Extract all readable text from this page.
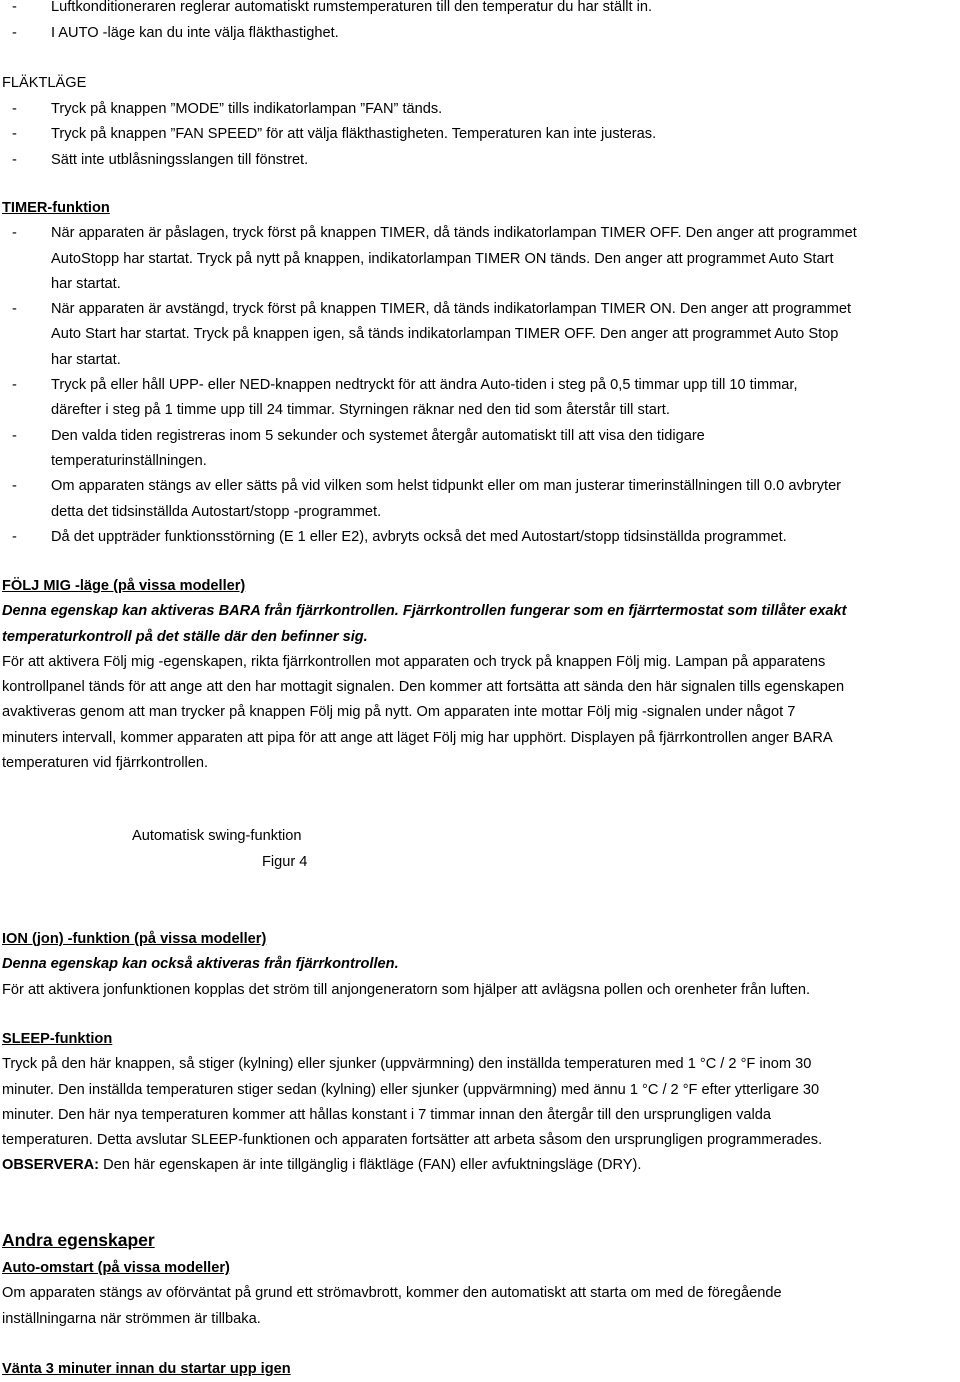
- Luftkonditioneraren reglerar automatiskt rumstemperaturen till den temperatur du har ställt in.
- I AUTO -läge kan du inte välja fläkthastighet.
FLÄKTLÄGE
- Tryck på knappen ”MODE” tills indikatorlampan ”FAN” tänds.
- Tryck på knappen ”FAN SPEED” för att välja fläkthastigheten. Temperaturen kan inte justeras.
- Sätt inte utblåsningsslangen till fönstret.
TIMER-funktion
- När apparaten är påslagen, tryck först på knappen TIMER, då tänds indikatorlampan TIMER OFF. Den anger att programmet
AutoStopp har startat. Tryck på nytt på knappen, indikatorlampan TIMER ON tänds. Den anger att programmet Auto Start
har startat.
- När apparaten är avstängd, tryck först på knappen TIMER, då tänds indikatorlampan TIMER ON. Den anger att programmet
Auto Start har startat. Tryck på knappen igen, så tänds indikatorlampan TIMER OFF. Den anger att programmet Auto Stop
har startat.
- Tryck på eller håll UPP- eller NED-knappen nedtryckt för att ändra Auto-tiden i steg på 0,5 timmar upp till 10 timmar,
därefter i steg på 1 timme upp till 24 timmar. Styrningen räknar ned den tid som återstår till start.
- Den valda tiden registreras inom 5 sekunder och systemet återgår automatiskt till att visa den tidigare
temperaturinställningen.
- Om apparaten stängs av eller sätts på vid vilken som helst tidpunkt eller om man justerar timerinställningen till 0.0 avbryter
detta det tidsinställda Autostart/stopp -programmet.
- Då det uppträder funktionsstörning (E 1 eller E2), avbryts också det med Autostart/stopp tidsinställda programmet.
FÖLJ MIG -läge (på vissa modeller)
Denna egenskap kan aktiveras BARA från fjärrkontrollen. Fjärrkontrollen fungerar som en fjärrtermostat som tillåter exakt
temperaturkontroll på det ställe där den befinner sig.
För att aktivera Följ mig -egenskapen, rikta fjärrkontrollen mot apparaten och tryck på knappen Följ mig. Lampan på apparatens
kontrollpanel tänds för att ange att den har mottagit signalen. Den kommer att fortsätta att sända den här signalen tills egenskapen
avaktiveras genom att man trycker på knappen Följ mig på nytt. Om apparaten inte mottar Följ mig -signalen under något 7
minuters intervall, kommer apparaten att pipa för att ange att läget Följ mig har upphört. Displayen på fjärrkontrollen anger BARA
temperaturen vid fjärrkontrollen.
Automatisk swing-funktion
Figur 4
ION (jon) -funktion (på vissa modeller)
Denna egenskap kan också aktiveras från fjärrkontrollen.
För att aktivera jonfunktionen kopplas det ström till anjongeneratorn som hjälper att avlägsna pollen och orenheter från luften.
SLEEP-funktion
Tryck på den här knappen, så stiger (kylning) eller sjunker (uppvärmning) den inställda temperaturen med 1 °C / 2 °F inom 30
minuter. Den inställda temperaturen stiger sedan (kylning) eller sjunker (uppvärmning) med ännu 1 °C / 2 °F efter ytterligare 30
minuter. Den här nya temperaturen kommer att hållas konstant i 7 timmar innan den återgår till den ursprungligen valda
temperaturen. Detta avslutar SLEEP-funktionen och apparaten fortsätter att arbeta såsom den ursprungligen programmerades.
OBSERVERA: Den här egenskapen är inte tillgänglig i fläktläge (FAN) eller avfuktningsläge (DRY).
Andra egenskaper
Auto-omstart (på vissa modeller)
Om apparaten stängs av oförväntat på grund ett strömavbrott, kommer den automatiskt att starta om med de föregående
inställningarna när strömmen är tillbaka.
Vänta 3 minuter innan du startar upp igen
